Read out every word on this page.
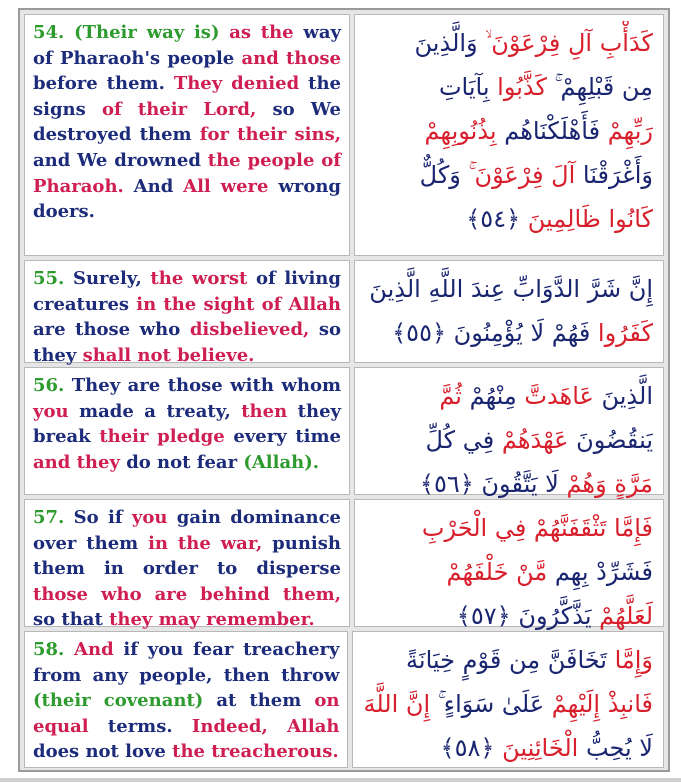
54. (Their way is) as the way of Pharaoh's people and those before them. They denied the signs of their Lord, so We destroyed them for their sins, and We drowned the people of Pharaoh. And All were wrong doers.
كَدَأْبِ آلِ فِرْعَوْنَ ۙ وَالَّذِينَ
مِن قَبْلِهِمْ ۚ كَذَّبُوا بِآيَاتِ
رَبِّهِمْ فَأَهْلَكْنَاهُم بِذُنُوبِهِمْ
وَأَغْرَقْنَا آلَ فِرْعَوْنَ ۚ وَكُلٌّ
كَانُوا ظَالِمِينَ ﴿٥٤﴾
55. Surely, the worst of living creatures in the sight of Allah are those who disbelieved, so they shall not believe.
إِنَّ شَرَّ الدَّوَابِّ عِندَ اللَّهِ الَّذِينَ
كَفَرُوا فَهُمْ لَا يُؤْمِنُونَ ﴿٥٥﴾
56. They are those with whom you made a treaty, then they break their pledge every time and they do not fear (Allah).
الَّذِينَ عَاهَدتَّ مِنْهُمْ ثُمَّ
يَنقُضُونَ عَهْدَهُمْ فِي كُلِّ
مَرَّةٍ وَهُمْ لَا يَتَّقُونَ ﴿٥٦﴾
57. So if you gain dominance over them in the war, punish them in order to disperse those who are behind them, so that they may remember.
فَإِمَّا تَثْقَفَنَّهُمْ فِي الْحَرْبِ
فَشَرِّدْ بِهِم مَّنْ خَلْفَهُمْ
لَعَلَّهُمْ يَذَّكَّرُونَ ﴿٥٧﴾
58. And if you fear treachery from any people, then throw (their covenant) at them on equal terms. Indeed, Allah does not love the treacherous.
وَإِمَّا تَخَافَنَّ مِن قَوْمٍ خِيَانَةً
فَانبِذْ إِلَيْهِمْ عَلَىٰ سَوَاءٍ ۚ إِنَّ اللَّهَ
لَا يُحِبُّ الْخَائِنِينَ ﴿٥٨﴾
